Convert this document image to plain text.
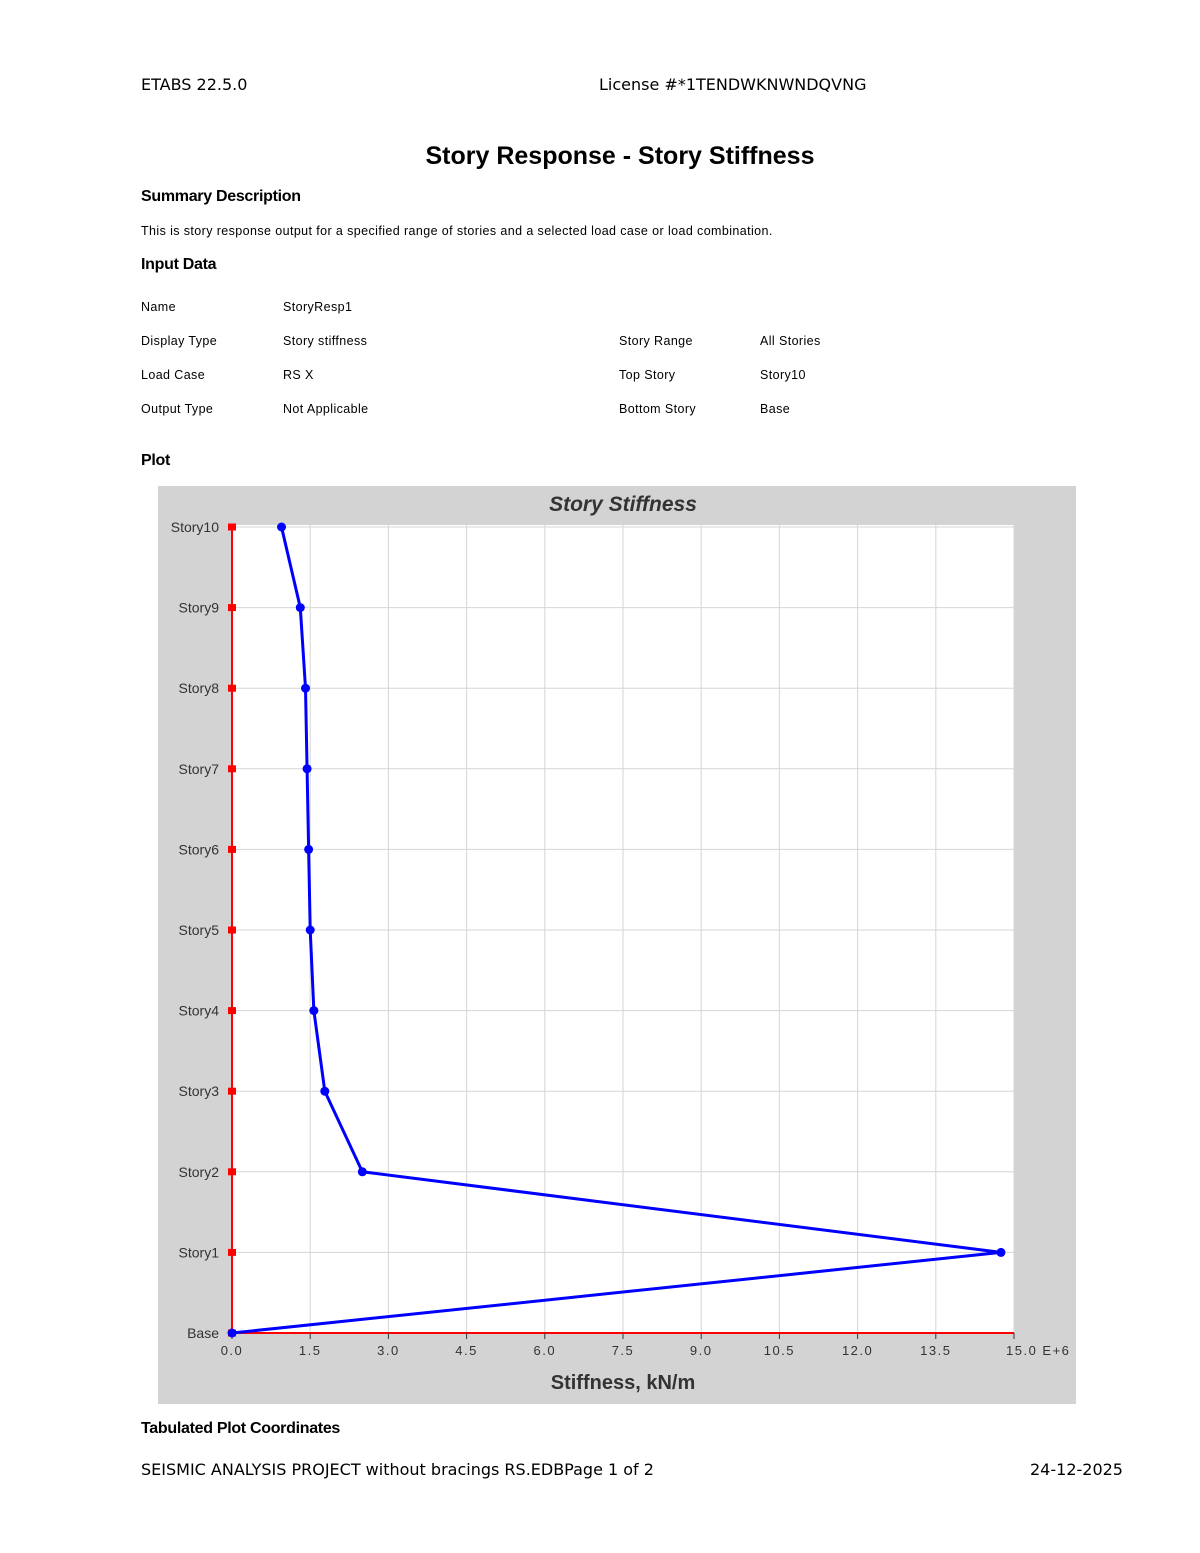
ETABS 22.5.0	License #*1TENDWKNWNDQVNG
Story Response - Story Stiffness
Summary Description
This is story response output for a specified range of stories and a selected load case or load combination.
Input Data
Name	StoryResp1
Display Type	Story stiffness	Story Range	All Stories
Load Case	RS X	Top Story	Story10
Output Type	Not Applicable	Bottom Story	Base
Plot
Story Stiffness
Stiffness, kN/m
0.0	1.5	3.0	4.5	6.0	7.5	9.0	10.5	12.0	13.5	15.0 E+6
Base
Story1
Story2
Story3
Story4
Story5
Story6
Story7
Story8
Story9
Story10
Tabulated Plot Coordinates
SEISMIC ANALYSIS PROJECT without bracings RS.EDBPage 1 of 2	24-12-2025
